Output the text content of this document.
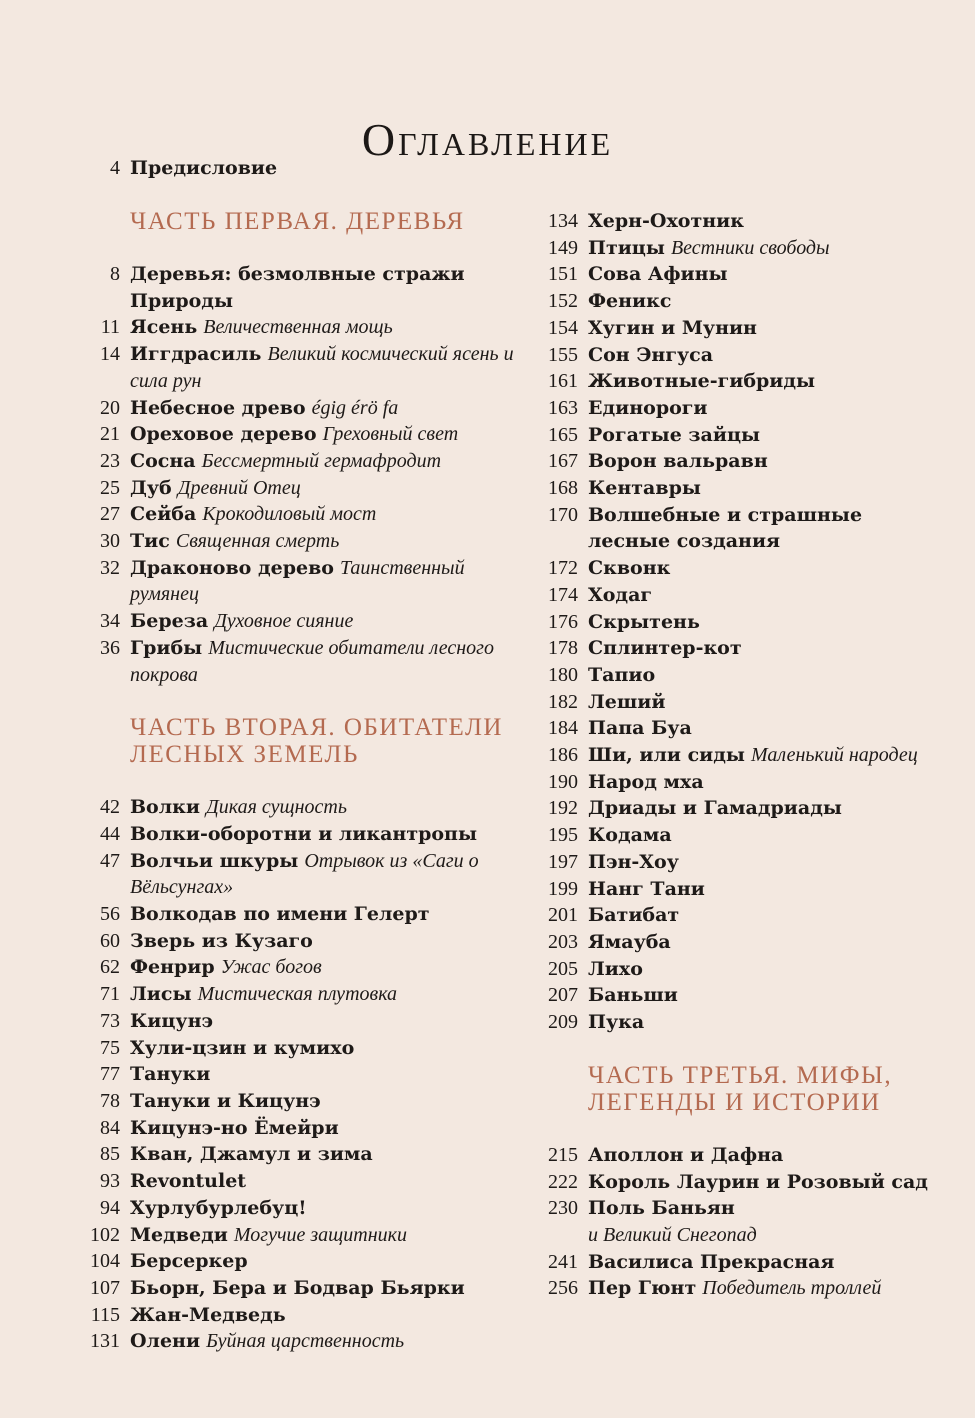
Оглавление
4 Предисловие
ЧАСТЬ ПЕРВАЯ. ДЕРЕВЬЯ
8 Деревья: безмолвные стражи Природы
11 Ясень Величественная мощь
14 Иггдрасиль Великий космический ясень и сила рун
20 Небесное древо égig érö fa
21 Ореховое дерево Греховный свет
23 Сосна Бессмертный гермафродит
25 Дуб Древний Отец
27 Сейба Крокодиловый мост
30 Тис Священная смерть
32 Драконово дерево Таинственный румянец
34 Береза Духовное сияние
36 Грибы Мистические обитатели лесного покрова
ЧАСТЬ ВТОРАЯ. ОБИТАТЕЛИ
ЛЕСНЫХ ЗЕМЕЛЬ
42 Волки Дикая сущность
44 Волки-оборотни и ликантропы
47 Волчьи шкуры Отрывок из «Саги о Вёльсунгах»
56 Волкодав по имени Гелерт
60 Зверь из Кузаго
62 Фенрир Ужас богов
71 Лисы Мистическая плутовка
73 Кицунэ
75 Хули-цзин и кумихо
77 Тануки
78 Тануки и Кицунэ
84 Кицунэ-но Ёмейри
85 Кван, Джамул и зима
93 Revontulet
94 Хурлубурлебуц!
102 Медведи Могучие защитники
104 Берсеркер
107 Бьорн, Бера и Бодвар Бьярки
115 Жан-Медведь
131 Олени Буйная царственность
134 Херн-Охотник
149 Птицы Вестники свободы
151 Сова Афины
152 Феникс
154 Хугин и Мунин
155 Сон Энгуса
161 Животные-гибриды
163 Единороги
165 Рогатые зайцы
167 Ворон вальравн
168 Кентавры
170 Волшебные и страшные лесные создания
172 Сквонк
174 Ходаг
176 Скрытень
178 Сплинтер-кот
180 Тапио
182 Леший
184 Папа Буа
186 Ши, или сиды Маленький народец
190 Народ мха
192 Дриады и Гамадриады
195 Кодама
197 Пэн-Хоу
199 Нанг Тани
201 Батибат
203 Ямауба
205 Лихо
207 Баньши
209 Пука
ЧАСТЬ ТРЕТЬЯ. МИФЫ,
ЛЕГЕНДЫ И ИСТОРИИ
215 Аполлон и Дафна
222 Король Лаурин и Розовый сад
230 Поль Баньян
и Великий Снегопад
241 Василиса Прекрасная
256 Пер Гюнт Победитель троллей
